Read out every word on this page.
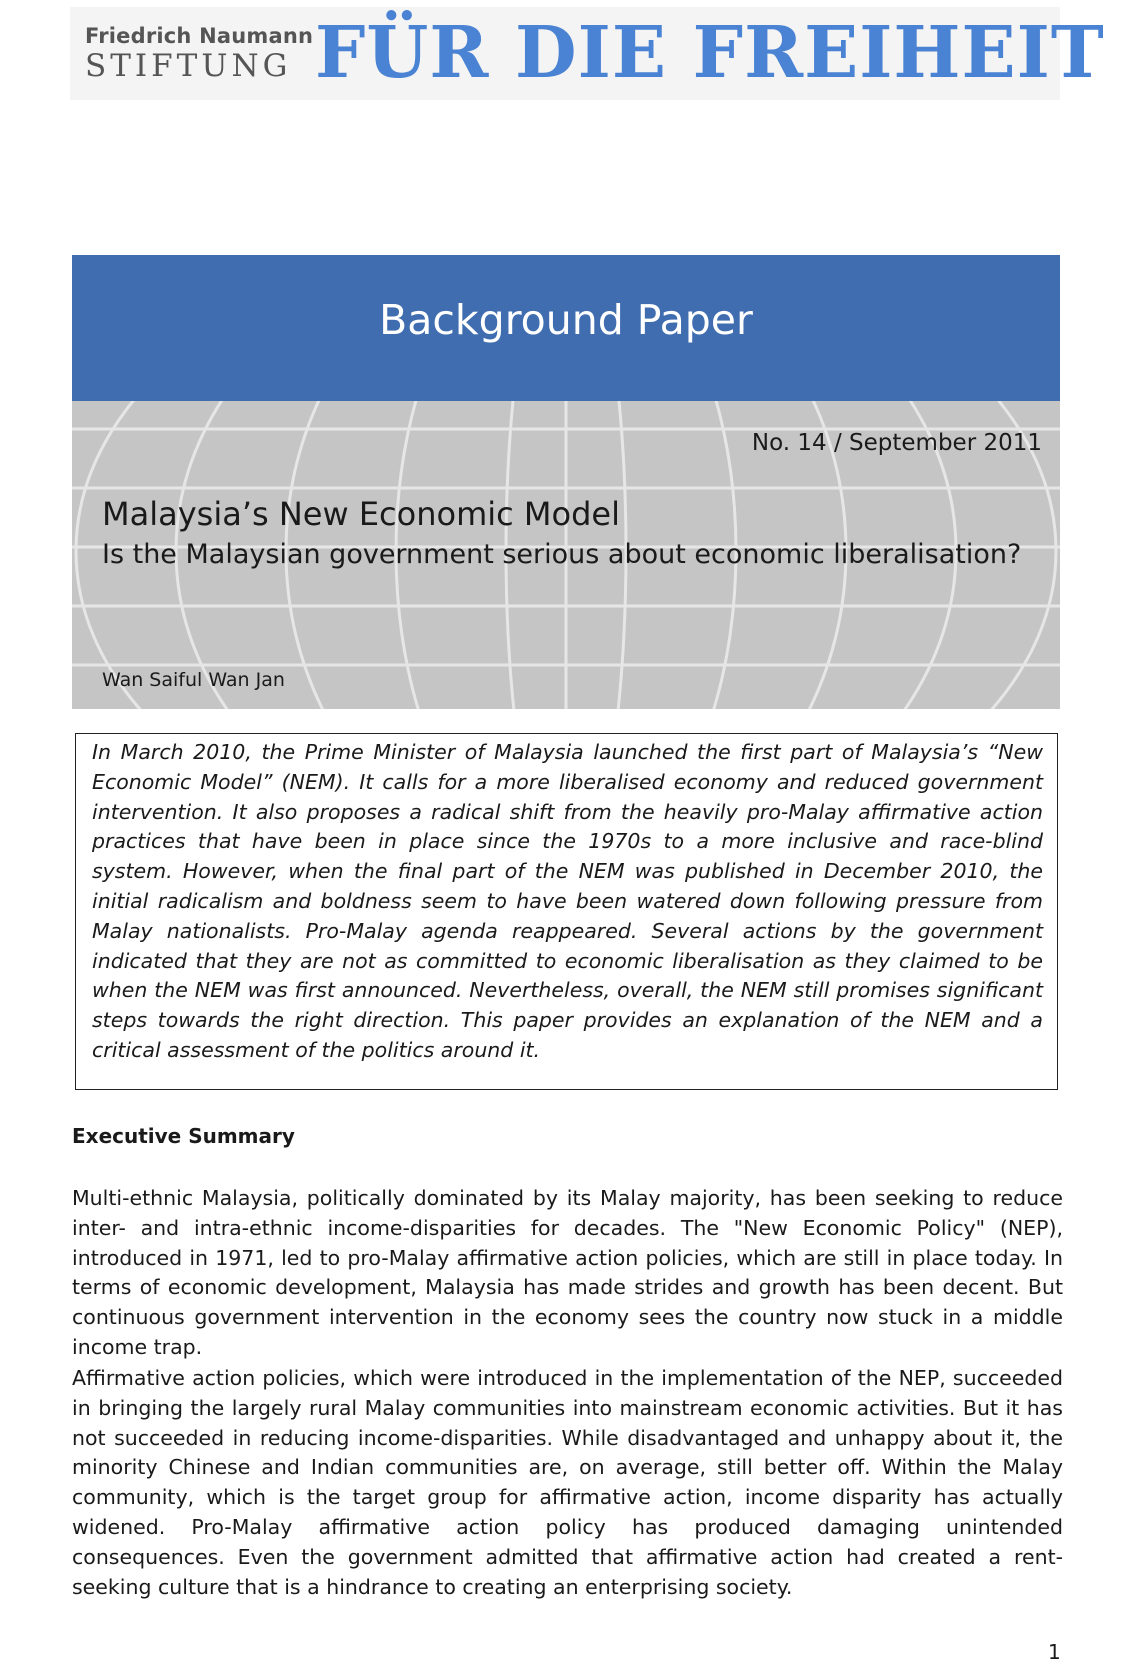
Friedrich Naumann
STIFTUNG FÜR DIE FREIHEIT
Background Paper
No. 14 / September 2011
Malaysia’s New Economic Model
Is the Malaysian government serious about economic liberalisation?
Wan Saiful Wan Jan

In March 2010, the Prime Minister of Malaysia launched the first part of Malaysia’s “New Economic Model” (NEM). It calls for a more liberalised economy and reduced government intervention. It also proposes a radical shift from the heavily pro-Malay affirmative action practices that have been in place since the 1970s to a more inclusive and race-blind system. However, when the final part of the NEM was published in December 2010, the initial radicalism and boldness seem to have been watered down following pressure from Malay nationalists. Pro-Malay agenda reappeared. Several actions by the government indicated that they are not as committed to economic liberalisation as they claimed to be when the NEM was first announced. Nevertheless, overall, the NEM still promises significant steps towards the right direction. This paper provides an explanation of the NEM and a critical assessment of the politics around it.

Executive Summary

Multi-ethnic Malaysia, politically dominated by its Malay majority, has been seeking to reduce inter- and intra-ethnic income-disparities for decades. The "New Economic Policy" (NEP), introduced in 1971, led to pro-Malay affirmative action policies, which are still in place today. In terms of economic development, Malaysia has made strides and growth has been decent. But continuous government intervention in the economy sees the country now stuck in a middle income trap.

Affirmative action policies, which were introduced in the implementation of the NEP, succeeded in bringing the largely rural Malay communities into mainstream economic activities. But it has not succeeded in reducing income-disparities. While disadvantaged and unhappy about it, the minority Chinese and Indian communities are, on average, still better off. Within the Malay community, which is the target group for affirmative action, income disparity has actually widened. Pro-Malay affirmative action policy has produced damaging unintended consequences. Even the government admitted that affirmative action had created a rent-seeking culture that is a hindrance to creating an enterprising society.

1
